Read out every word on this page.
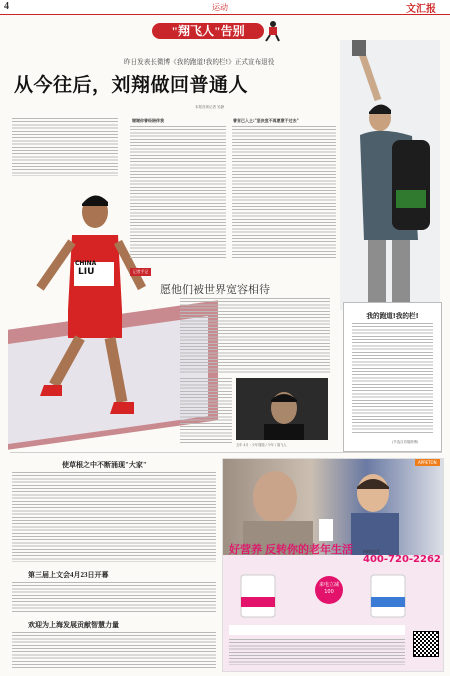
4	运动	文汇报
"翔飞人"告别
昨日发表长微博《我的跑道!我的栏!》正式宣布退役
从今往后，刘翔做回普通人
本报首席记者 吴静
CHINA
LIU
谢谢你曾经陪伴我	曾言已入土:"坚决宣不再愿意于过去"
记者手记
愿他们被世界宽容相待
五年 4月 : 少年翔翔 / 今年 / 翔飞人
我的跑道!我的栏!
(节选自刘翔微博)
使草根之中不断涌现"大家"
第三届上文会4月23日开幕
欢迎为上海发展贡献智慧力量
APPETON
好营养 反转你的老年生活 热线电话:
400-720-2262
来电立减100
